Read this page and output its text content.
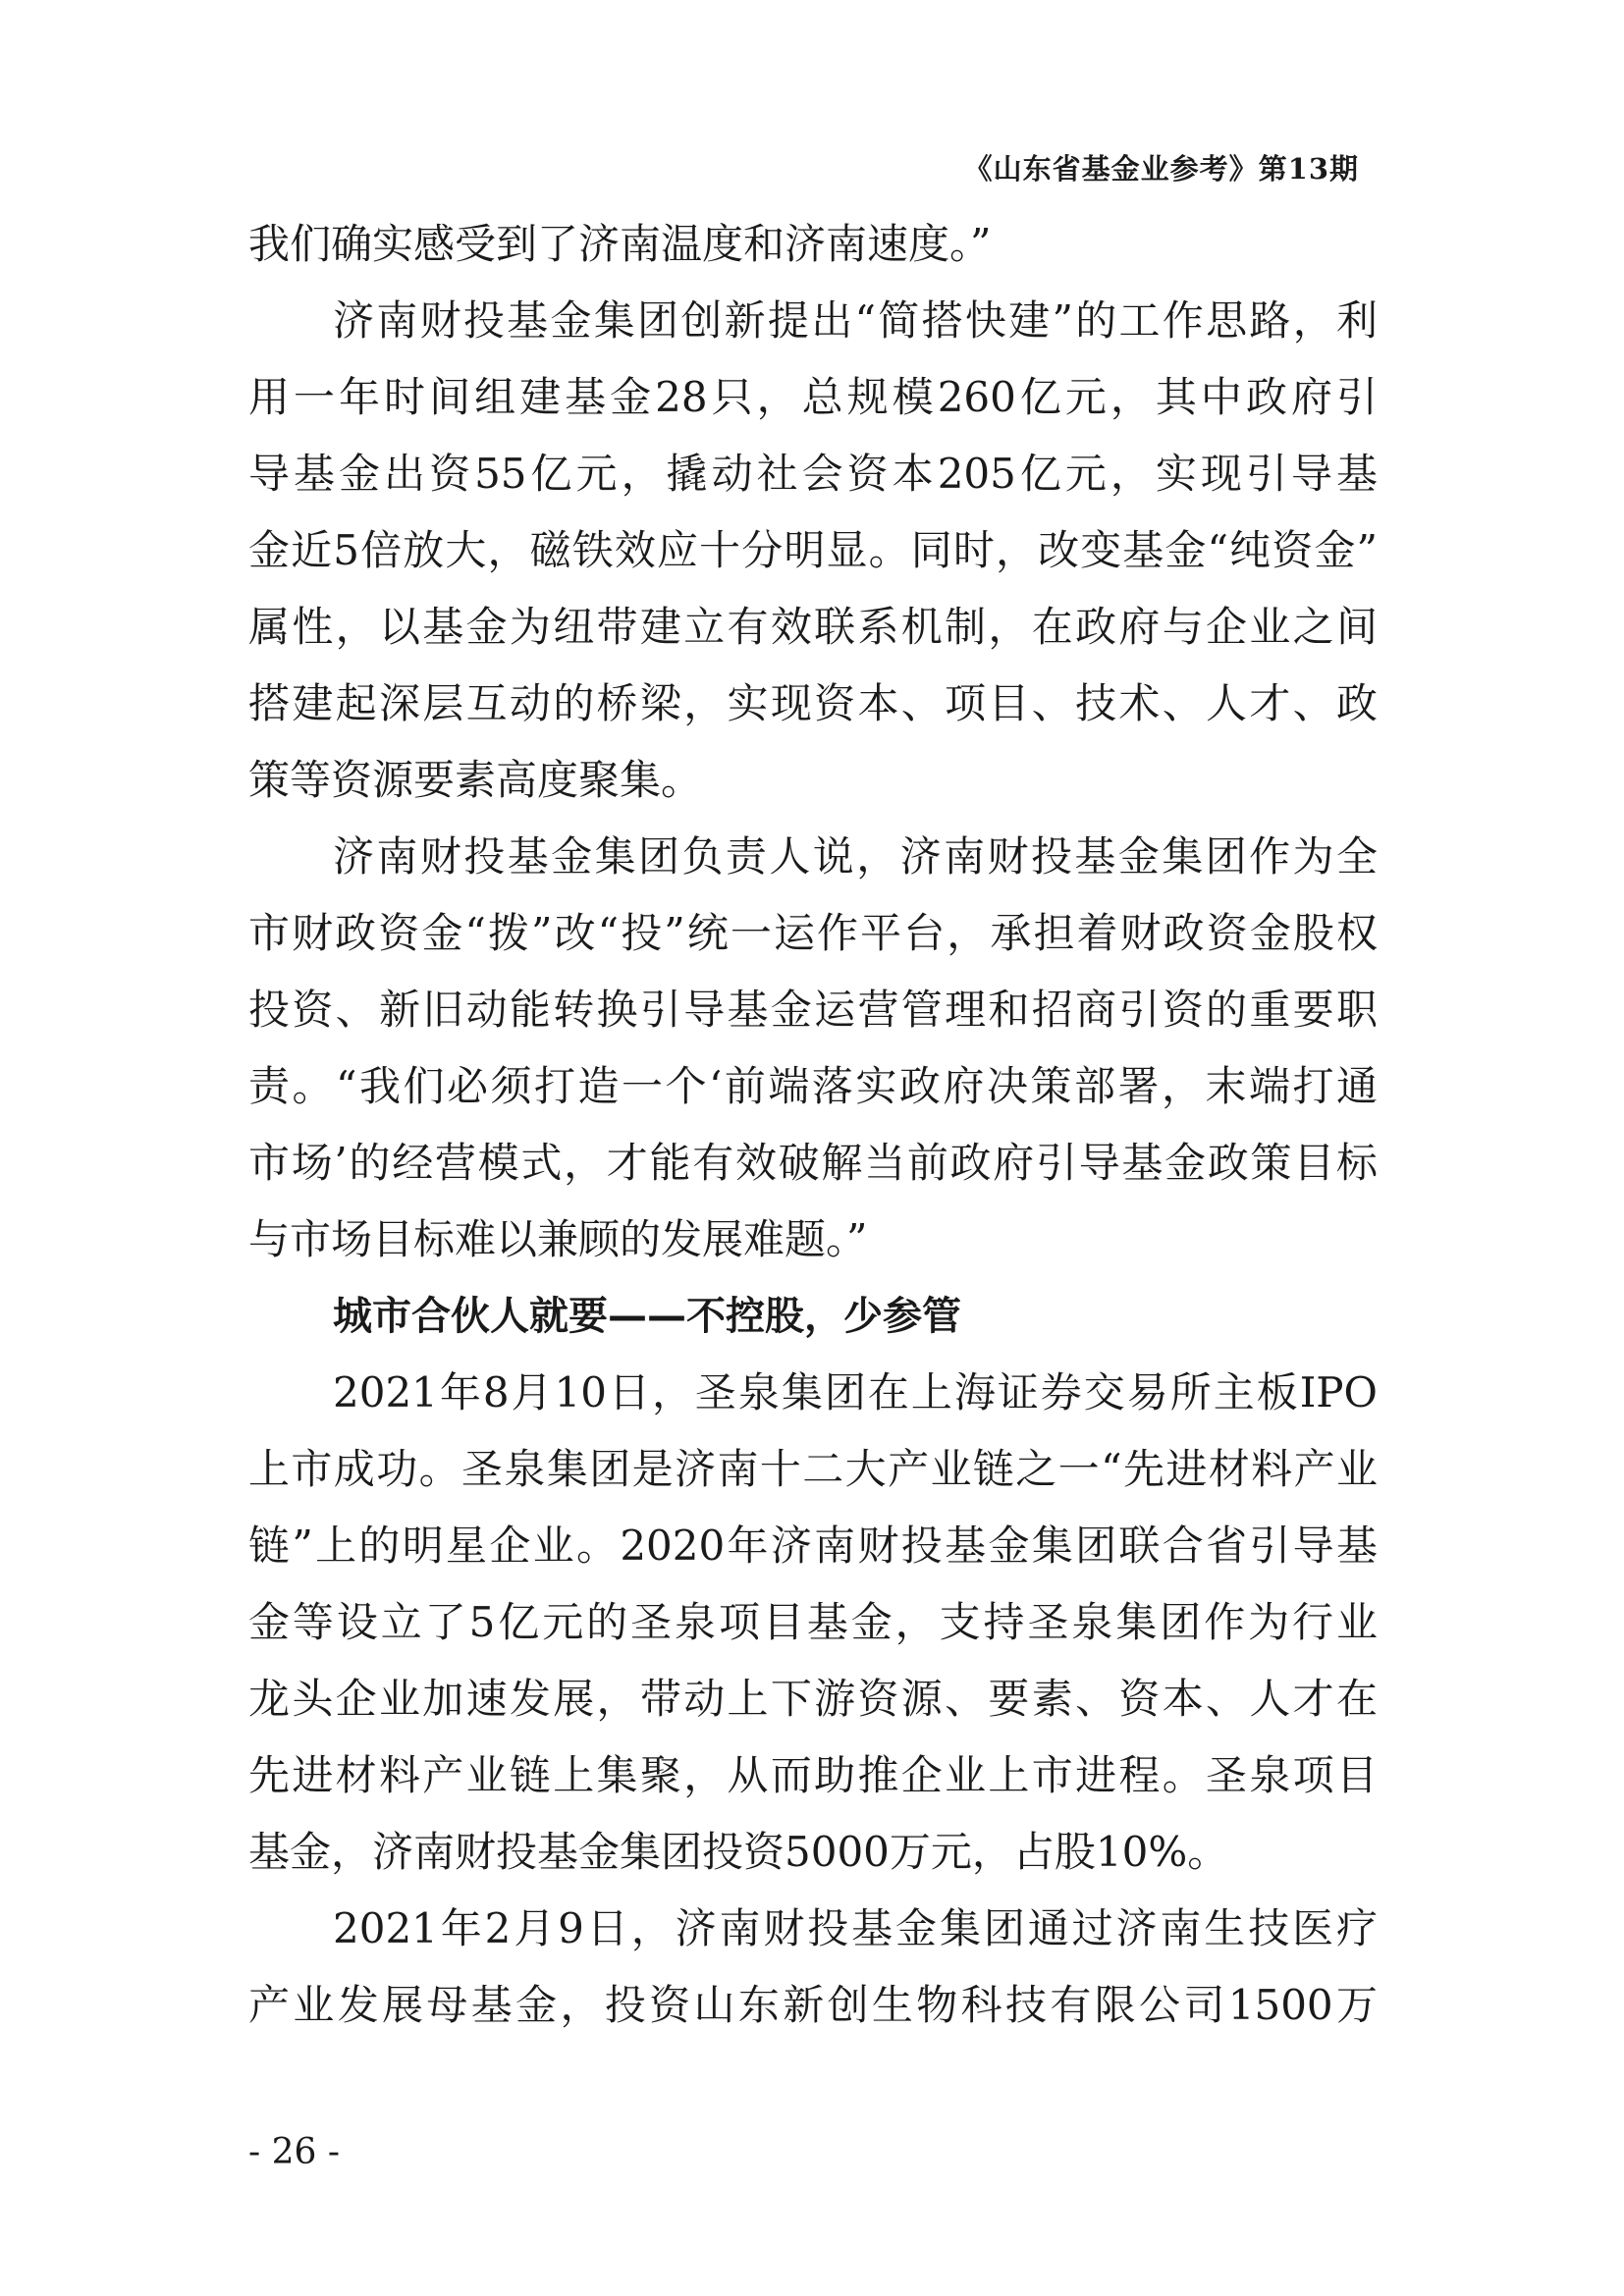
《山东省基金业参考》第13期
我们确实感受到了济南温度和济南速度。”
济南财投基金集团创新提出“简搭快建”的工作思路，利
用一年时间组建基金28只，总规模260亿元，其中政府引
导基金出资55亿元，撬动社会资本205亿元，实现引导基
金近5倍放大，磁铁效应十分明显。同时，改变基金“纯资金”
属性，以基金为纽带建立有效联系机制，在政府与企业之间
搭建起深层互动的桥梁，实现资本、项目、技术、人才、政
策等资源要素高度聚集。
济南财投基金集团负责人说，济南财投基金集团作为全
市财政资金“拨”改“投”统一运作平台，承担着财政资金股权
投资、新旧动能转换引导基金运营管理和招商引资的重要职
责。“我们必须打造一个‘前端落实政府决策部署，末端打通
市场’的经营模式，才能有效破解当前政府引导基金政策目标
与市场目标难以兼顾的发展难题。”
城市合伙人就要——不控股，少参管
2021年8月10日，圣泉集团在上海证券交易所主板IPO
上市成功。圣泉集团是济南十二大产业链之一“先进材料产业
链”上的明星企业。2020年济南财投基金集团联合省引导基
金等设立了5亿元的圣泉项目基金，支持圣泉集团作为行业
龙头企业加速发展，带动上下游资源、要素、资本、人才在
先进材料产业链上集聚，从而助推企业上市进程。圣泉项目
基金，济南财投基金集团投资5000万元，占股10%。
2021年2月9日，济南财投基金集团通过济南生技医疗
产业发展母基金，投资山东新创生物科技有限公司1500万
- 26 -
